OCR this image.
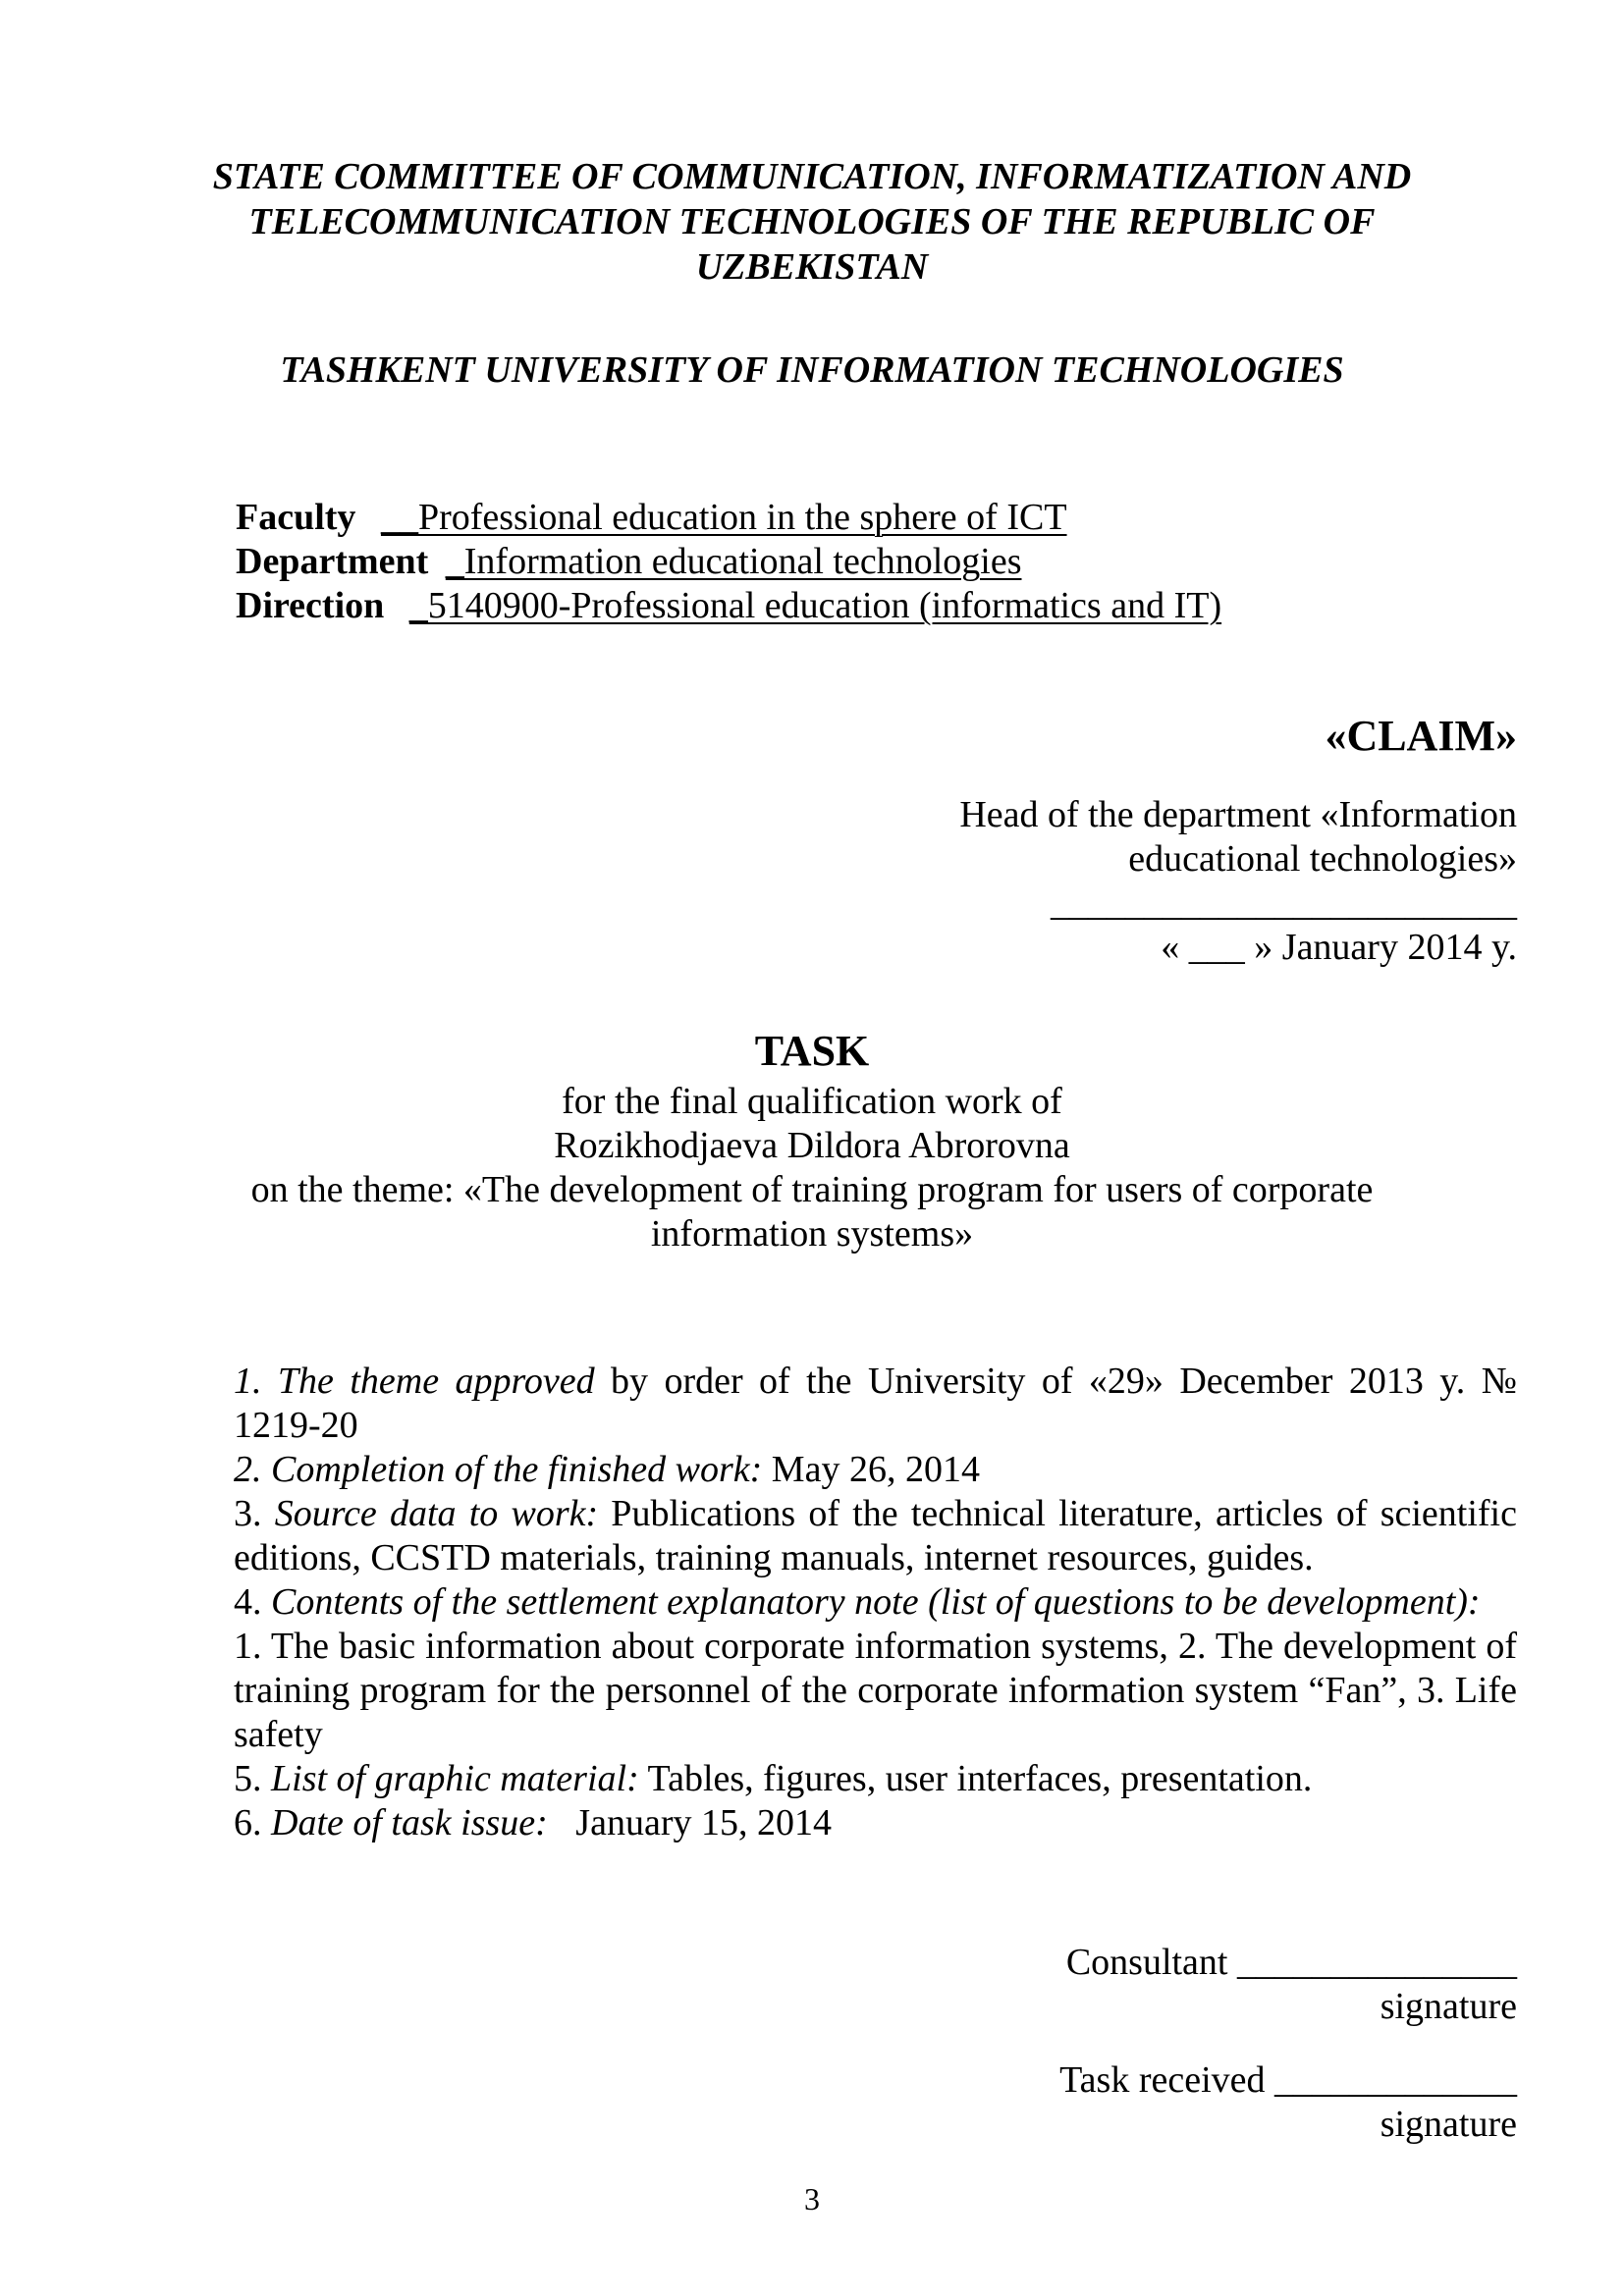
STATE COMMITTEE OF COMMUNICATION, INFORMATIZATION AND
TELECOMMUNICATION TECHNOLOGIES OF THE REPUBLIC OF
UZBEKISTAN
TASHKENT UNIVERSITY OF INFORMATION TECHNOLOGIES
Faculty __Professional education in the sphere of ICT
Department _Information educational technologies
Direction _5140900-Professional education (informatics and IT)
«CLAIM»
Head of the department «Information
educational technologies»
_________________________
« ___ » January 2014 y.
TASK
for the final qualification work of
Rozikhodjaeva Dildora Abrorovna
on the theme: «The development of training program for users of corporate
information systems»
1. The theme approved by order of the University of «29» December 2013 y. №
1219-20
2. Completion of the finished work: May 26, 2014
3. Source data to work: Publications of the technical literature, articles of scientific editions, CCSTD materials, training manuals, internet resources, guides.
4. Contents of the settlement explanatory note (list of questions to be development):
1. The basic information about corporate information systems, 2. The development of training program for the personnel of the corporate information system “Fan”, 3. Life safety
5. List of graphic material: Tables, figures, user interfaces, presentation.
6. Date of task issue:   January 15, 2014
Consultant _______________
signature
Task received _____________
signature
3
